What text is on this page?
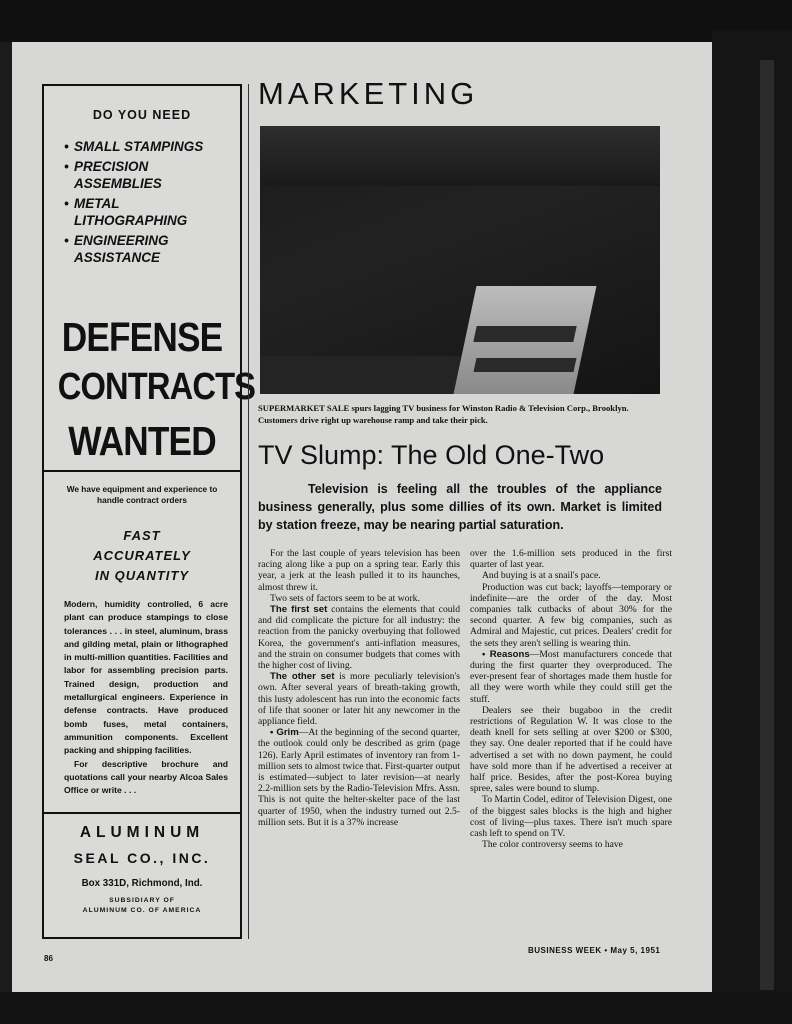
DO YOU NEED
• SMALL STAMPINGS
• PRECISION ASSEMBLIES
• METAL LITHOGRAPHING
• ENGINEERING ASSISTANCE
DEFENSE
CONTRACTS
WANTED
We have equipment and experience to handle contract orders
FAST
ACCURATELY
IN QUANTITY

Modern, humidity controlled, 6 acre plant can produce stampings to close tolerances . . . in steel, aluminum, brass and gilding metal, plain or lithographed in multi-million quantities. Facilities and labor for assembling precision parts. Trained design, production and metallurgical engineers. Experience in defense contracts. Have produced bomb fuses, metal containers, ammunition components. Excellent packing and shipping facilities.

For descriptive brochure and quotations call your nearby Alcoa Sales Office or write . . .

ALUMINUM
SEAL CO., INC.
Box 331D, Richmond, Ind.
SUBSIDIARY OF
ALUMINUM CO. OF AMERICA
MARKETING
SUPERMARKET SALE spurs lagging TV business for Winston Radio & Television Corp., Brooklyn. Customers drive right up warehouse ramp and take their pick.
TV Slump: The Old One-Two
Television is feeling all the troubles of the appliance business generally, plus some dillies of its own. Market is limited by station freeze, may be nearing partial saturation.

For the last couple of years television has been racing along like a pup on a spring tear. Early this year, a jerk at the leash pulled it to its haunches, almost threw it.

Two sets of factors seem to be at work.

The first set contains the elements that could and did complicate the picture for all industry: the reaction from the panicky overbuying that followed Korea, the government's anti-inflation measures, and the strain on consumer budgets that comes with the higher cost of living.

The other set is more peculiarly television's own. After several years of breath-taking growth, this lusty adolescent has run into the economic facts of life that sooner or later hit any newcomer in the appliance field.

• Grim—At the beginning of the second quarter, the outlook could only be described as grim (page 126). Early April estimates of inventory ran from 1-million sets to almost twice that. First-quarter output is estimated—subject to later revision—at nearly 2.2-million sets by the Radio-Television Mfrs. Assn. This is not quite the helter-skelter pace of the last quarter of 1950, when the industry turned out 2.5-million sets. But it is a 37% increase

over the 1.6-million sets produced in the first quarter of last year.

And buying is at a snail's pace.

Production was cut back; layoffs—temporary or indefinite—are the order of the day. Most companies talk cutbacks of about 30% for the second quarter. A few big companies, such as Admiral and Majestic, cut prices. Dealers' credit for the sets they aren't selling is wearing thin.

• Reasons—Most manufacturers concede that during the first quarter they overproduced. The ever-present fear of shortages made them hustle for all they were worth while they could still get the stuff.

Dealers see their bugaboo in the credit restrictions of Regulation W. It was close to the death knell for sets selling at over $200 or $300, they say. One dealer reported that if he could have advertised a set with no down payment, he could have sold more than if he advertised a receiver at half price. Besides, after the post-Korea buying spree, sales were bound to slump.

To Martin Codel, editor of Television Digest, one of the biggest sales blocks is the high and higher cost of living—plus taxes. There isn't much spare cash left to spend on TV.

The color controversy seems to have

86
BUSINESS WEEK • May 5, 1951
